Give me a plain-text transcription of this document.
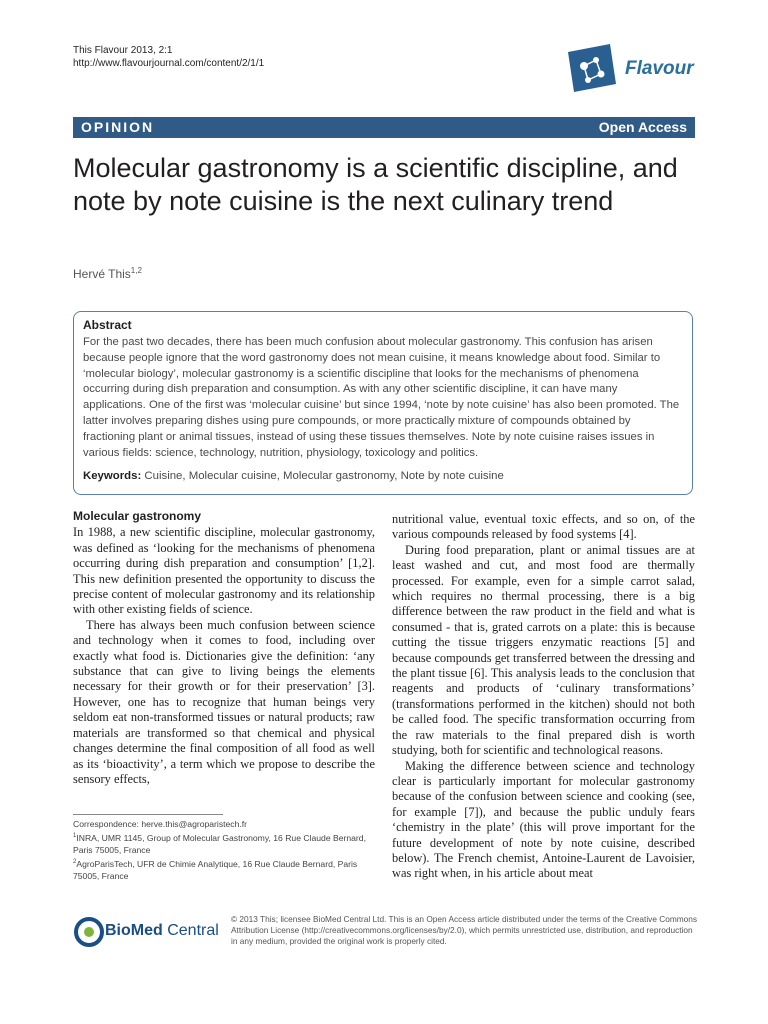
This Flavour 2013, 2:1
http://www.flavourjournal.com/content/2/1/1	Flavour
OPINION	Open Access
Molecular gastronomy is a scientific discipline, and note by note cuisine is the next culinary trend
Hervé This$^{1,2}$
Abstract
For the past two decades, there has been much confusion about molecular gastronomy. This confusion has arisen because people ignore that the word gastronomy does not mean cuisine, it means knowledge about food. Similar to ‘molecular biology’, molecular gastronomy is a scientific discipline that looks for the mechanisms of phenomena occurring during dish preparation and consumption. As with any other scientific discipline, it can have many applications. One of the first was ‘molecular cuisine’ but since 1994, ‘note by note cuisine’ has also been promoted. The latter involves preparing dishes using pure compounds, or more practically mixture of compounds obtained by fractioning plant or animal tissues, instead of using these tissues themselves. Note by note cuisine raises issues in various fields: science, technology, nutrition, physiology, toxicology and politics.
Keywords: Cuisine, Molecular cuisine, Molecular gastronomy, Note by note cuisine
Molecular gastronomy

In 1988, a new scientific discipline, molecular gastronomy, was defined as ‘looking for the mechanisms of phenomena occurring during dish preparation and consumption’ [1,2]. This new definition presented the opportunity to discuss the precise content of molecular gastronomy and its relationship with other existing fields of science.

There has always been much confusion between science and technology when it comes to food, including over exactly what food is. Dictionaries give the definition: ‘any substance that can give to living beings the elements necessary for their growth or for their preservation’ [3]. However, one has to recognize that human beings very seldom eat non-transformed tissues or natural products; raw materials are transformed so that chemical and physical changes determine the final composition of all food as well as its ‘bioactivity’, a term which we propose to describe the sensory effects,

nutritional value, eventual toxic effects, and so on, of the various compounds released by food systems [4].

During food preparation, plant or animal tissues are at least washed and cut, and most food are thermally processed. For example, even for a simple carrot salad, which requires no thermal processing, there is a big difference between the raw product in the field and what is consumed - that is, grated carrots on a plate: this is because cutting the tissue triggers enzymatic reactions [5] and because compounds get transferred between the dressing and the plant tissue [6]. This analysis leads to the conclusion that reagents and products of ‘culinary transformations’ (transformations performed in the kitchen) should not both be called food. The specific transformation occurring from the raw materials to the final prepared dish is worth studying, both for scientific and technological reasons.

Making the difference between science and technology clear is particularly important for molecular gastronomy because of the confusion between science and cooking (see, for example [7]), and because the public unduly fears ‘chemistry in the plate’ (this will prove important for the future development of note by note cuisine, described below). The French chemist, Antoine-Laurent de Lavoisier, was right when, in his article about meat

Correspondence: herve.this@agroparistech.fr
$^1$INRA, UMR 1145, Group of Molecular Gastronomy, 16 Rue Claude Bernard, Paris 75005, France
$^2$AgroParisTech, UFR de Chimie Analytique, 16 Rue Claude Bernard, Paris 75005, France
BioMed Central
© 2013 This; licensee BioMed Central Ltd. This is an Open Access article distributed under the terms of the Creative Commons Attribution License (http://creativecommons.org/licenses/by/2.0), which permits unrestricted use, distribution, and reproduction in any medium, provided the original work is properly cited.
